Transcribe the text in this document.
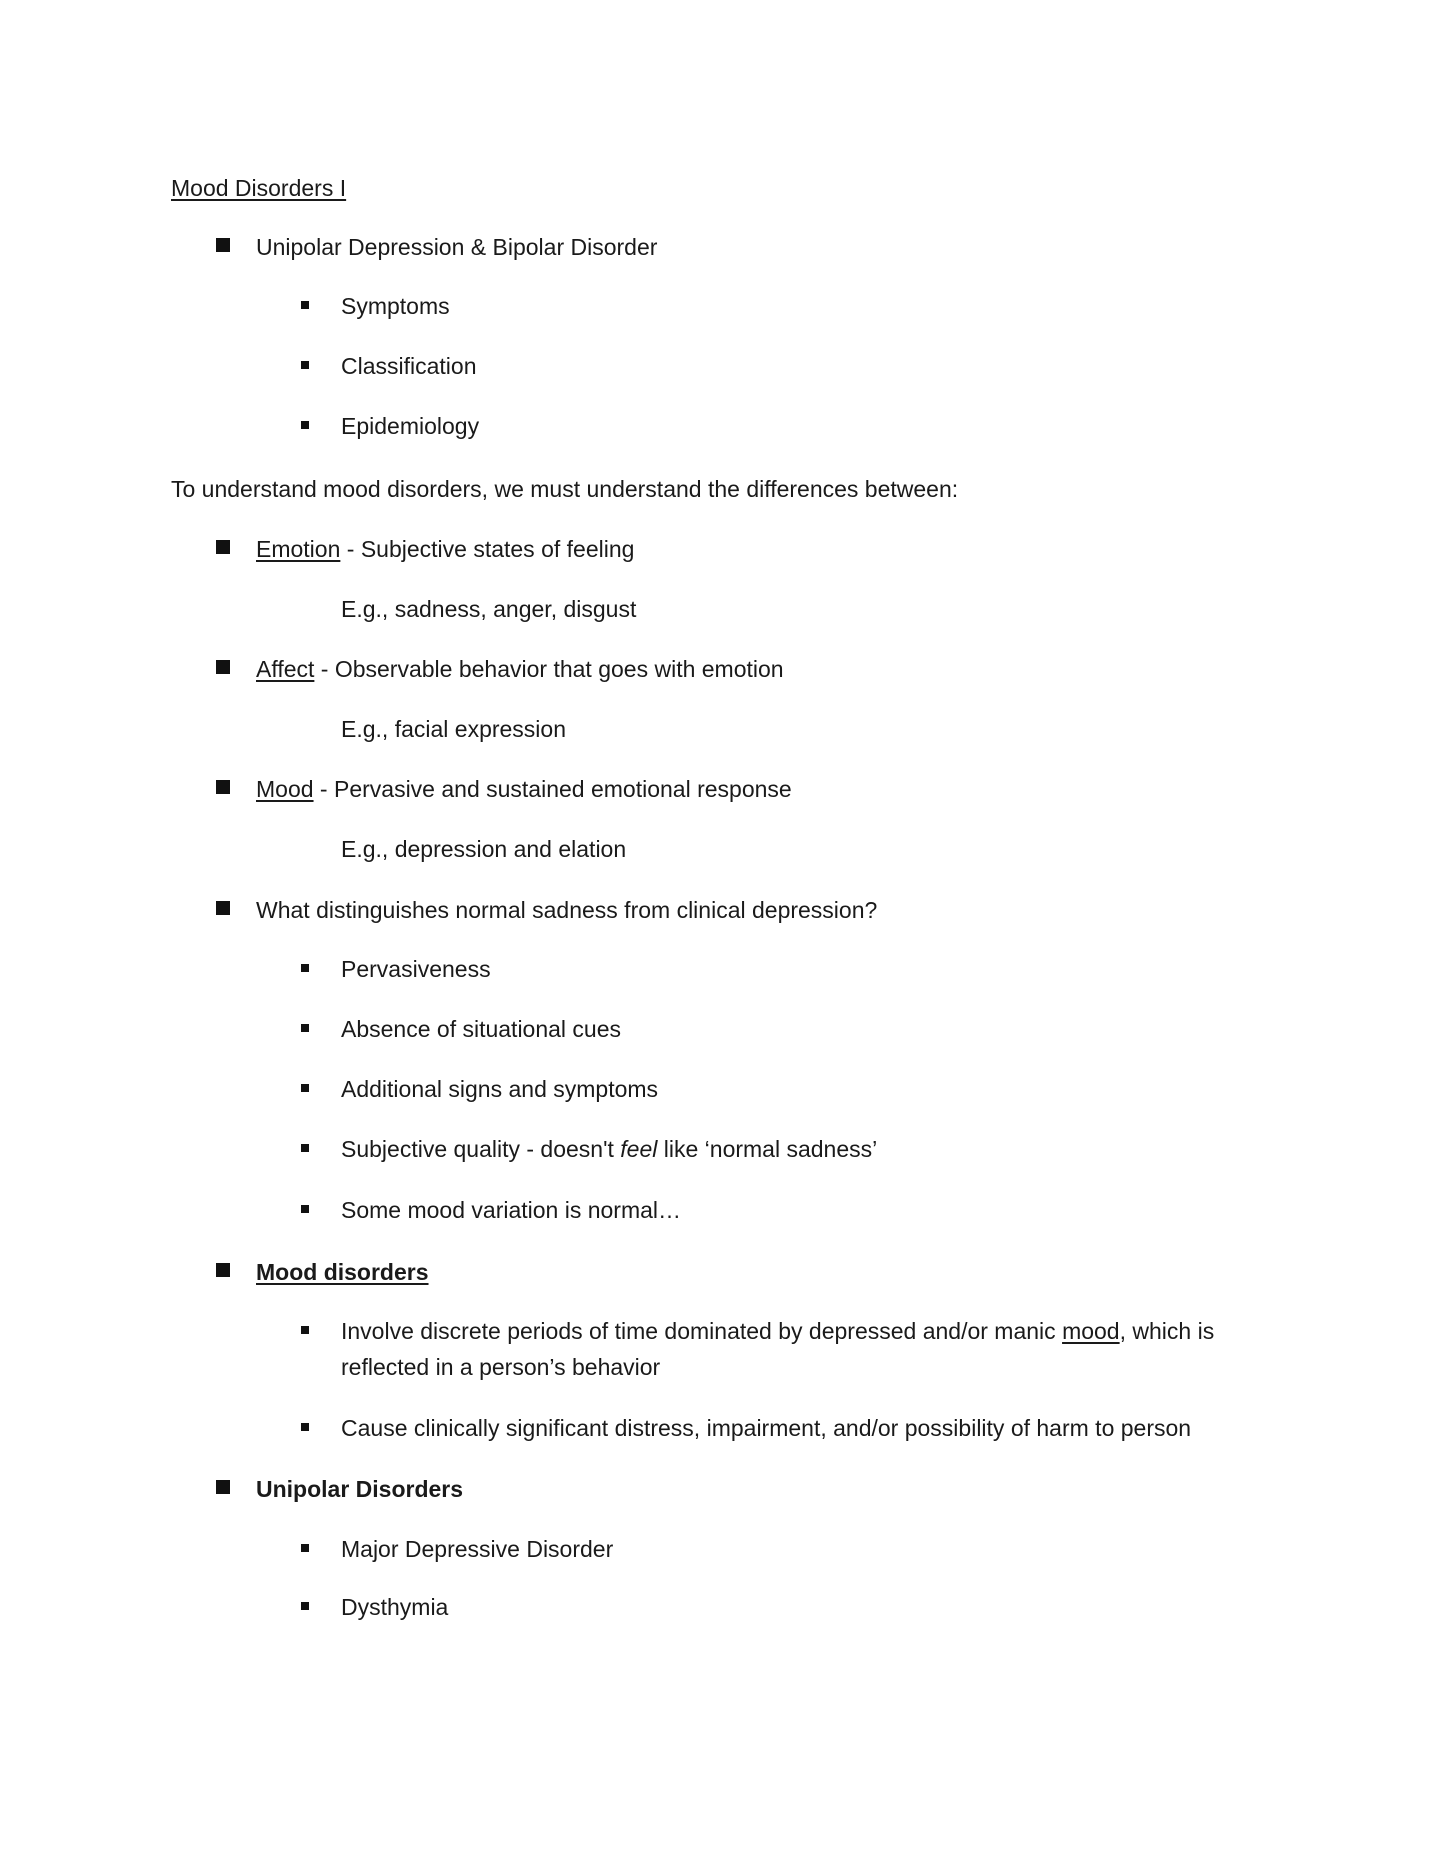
Mood Disorders I
Unipolar Depression & Bipolar Disorder
Symptoms
Classification
Epidemiology
To understand mood disorders, we must understand the differences between:
Emotion - Subjective states of feeling
E.g., sadness, anger, disgust
Affect - Observable behavior that goes with emotion
E.g., facial expression
Mood - Pervasive and sustained emotional response
E.g., depression and elation
What distinguishes normal sadness from clinical depression?
Pervasiveness
Absence of situational cues
Additional signs and symptoms
Subjective quality - doesn't feel like ‘normal sadness’
Some mood variation is normal…
Mood disorders
Involve discrete periods of time dominated by depressed and/or manic mood, which is reflected in a person’s behavior
Cause clinically significant distress, impairment, and/or possibility of harm to person
Unipolar Disorders
Major Depressive Disorder
Dysthymia
